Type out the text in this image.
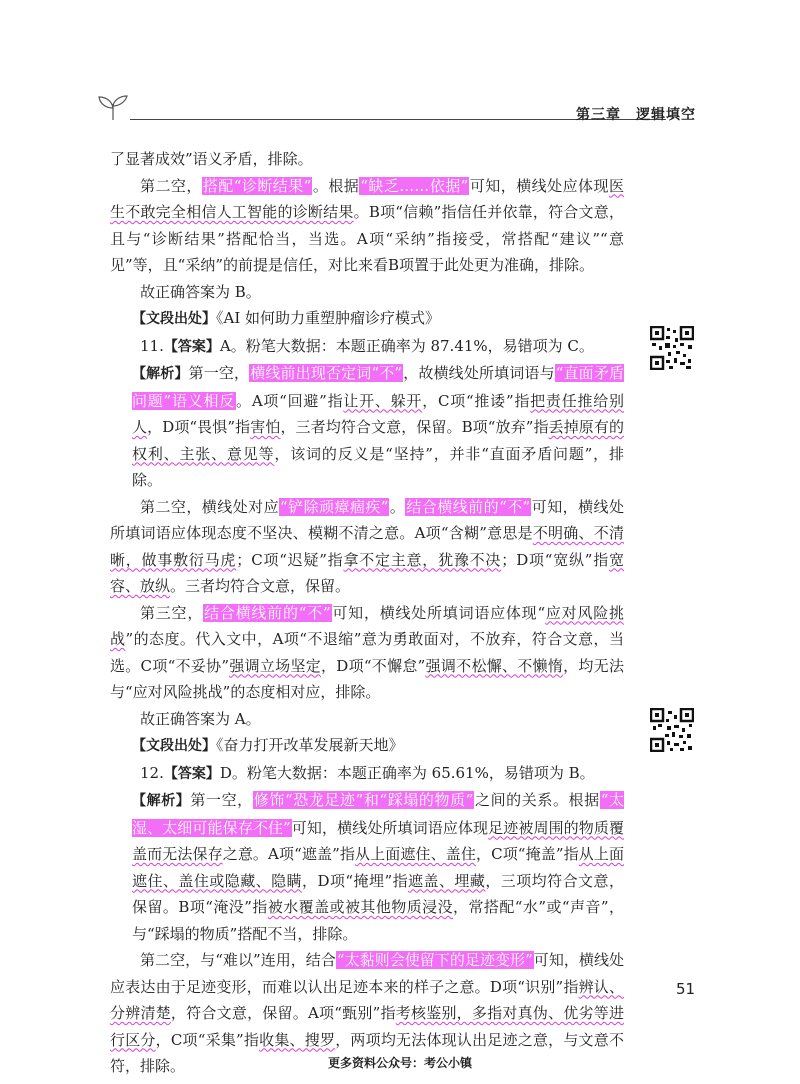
第三章　逻辑填空

了显著成效”语义矛盾，排除。

第二空，搭配“诊断结果”。根据“缺乏……依据”可知，横线处应体现医生不敢完全相信人工智能的诊断结果。B项“信赖”指信任并依靠，符合文意，且与“诊断结果”搭配恰当，当选。A项“采纳”指接受，常搭配“建议”“意见”等，且“采纳”的前提是信任，对比来看B项置于此处更为准确，排除。

故正确答案为 B。

【文段出处】《AI 如何助力重塑肿瘤诊疗模式》

11.【答案】A。粉笔大数据：本题正确率为 87.41%，易错项为 C。

【解析】第一空，横线前出现否定词“不”，故横线处所填词语与“直面矛盾问题”语义相反。A项“回避”指让开、躲开，C项“推诿”指把责任推给别人，D项“畏惧”指害怕，三者均符合文意，保留。B项“放弃”指丢掉原有的权利、主张、意见等，该词的反义是“坚持”，并非“直面矛盾问题”，排除。

第二空，横线处对应“铲除顽瘴痼疾”。结合横线前的“不”可知，横线处所填词语应体现态度不坚决、模糊不清之意。A项“含糊”意思是不明确、不清晰，做事敷衍马虎；C项“迟疑”指拿不定主意，犹豫不决；D项“宽纵”指宽容、放纵。三者均符合文意，保留。

第三空，结合横线前的“不”可知，横线处所填词语应体现“应对风险挑战”的态度。代入文中，A项“不退缩”意为勇敢面对，不放弃，符合文意，当选。C项“不妥协”强调立场坚定，D项“不懈怠”强调不松懈、不懒惰，均无法与“应对风险挑战”的态度相对应，排除。

故正确答案为 A。

【文段出处】《奋力打开改革发展新天地》

12.【答案】D。粉笔大数据：本题正确率为 65.61%，易错项为 B。

【解析】第一空，修饰“恐龙足迹”和“踩塌的物质”之间的关系。根据“太湿、太细可能保存不住”可知，横线处所填词语应体现足迹被周围的物质覆盖而无法保存之意。A项“遮盖”指从上面遮住、盖住，C项“掩盖”指从上面遮住、盖住或隐藏、隐瞒，D项“掩埋”指遮盖、埋藏，三项均符合文意，保留。B项“淹没”指被水覆盖或被其他物质浸没，常搭配“水”或“声音”，与“踩塌的物质”搭配不当，排除。

第二空，与“难以”连用，结合“太黏则会使留下的足迹变形”可知，横线处应表达由于足迹变形，而难以认出足迹本来的样子之意。D项“识别”指辨认、分辨清楚，符合文意，保留。A项“甄别”指考核鉴别，多指对真伪、优劣等进行区分，C项“采集”指收集、搜罗，两项均无法体现认出足迹之意，与文意不符，排除。

51
更多资料公众号：考公小镇
